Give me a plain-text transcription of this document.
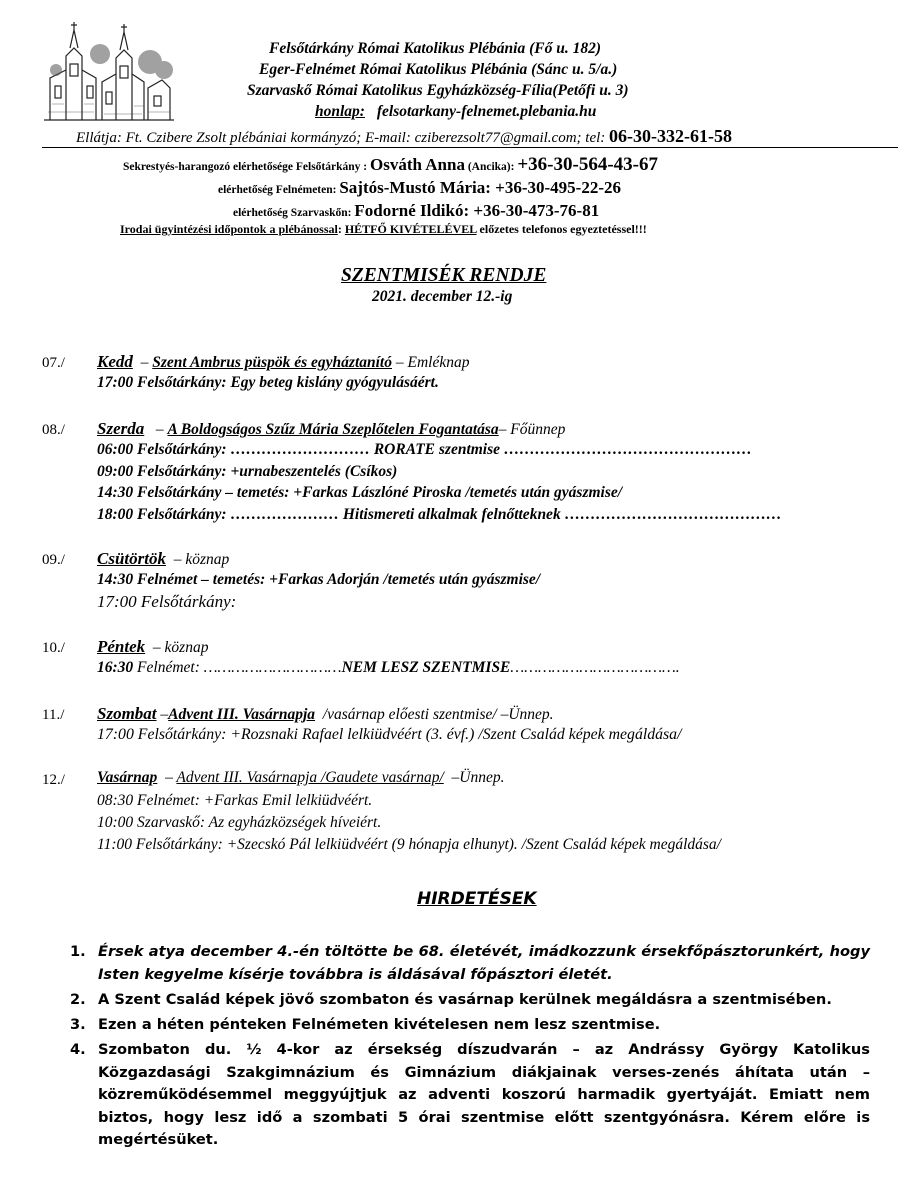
Felsőtárkány Római Katolikus Plébánia (Fő u. 182)
Eger-Felnémet Római Katolikus Plébánia (Sánc u. 5/a.)
Szarvaskő Római Katolikus Egyházközség-Fília(Petőfi u. 3)
honlap: felsotarkany-felnemet.plebania.hu
Ellátja: Ft. Czibere Zsolt plébániai kormányzó; E-mail: cziberezsolt77@gmail.com; tel: 06-30-332-61-58
Sekrestyés-harangozó elérhetősége Felsőtárkány : Osváth Anna (Ancika): +36-30-564-43-67
elérhetőség Felnémeten: Sajtós-Mustó Mária: +36-30-495-22-26
elérhetőség Szarvaskőn: Fodorné Ildikó: +36-30-473-76-81
Irodai ügyintézési időpontok a plébánossal: HÉTFŐ KIVÉTELÉVEL előzetes telefonos egyeztetéssel!!!
SZENTMISÉK RENDJE
2021. december 12.-ig
07./ Kedd  – Szent Ambrus püspök és egyháztanító – Emléknap
17:00 Felsőtárkány: Egy beteg kislány gyógyulásáért.
08./ Szerda   – A Boldogságos Szűz Mária Szeplőtelen Fogantatása– Főünnep
06:00 Felsőtárkány: ……………………… RORATE szentmise …………………………………………
09:00 Felsőtárkány: +urnabeszentelés (Csíkos)
14:30 Felsőtárkány – temetés: +Farkas Lászlóné Piroska /temetés után gyászmise/
18:00 Felsőtárkány: ………………… Hitismereti alkalmak felnőtteknek ……………………………………
09./ Csütörtök  – köznap
14:30 Felnémet – temetés: +Farkas Adorján /temetés után gyászmise/
17:00 Felsőtárkány:
10./ Péntek  – köznap
16:30 Felnémet: …………………………NEM LESZ SZENTMISE……………………………….
11./ Szombat –Advent III. Vasárnapja  /vasárnap előesti szentmise/ –Ünnep.
17:00 Felsőtárkány: +Rozsnaki Rafael lelkiüdvéért (3. évf.) /Szent Család képek megáldása/
12./ Vasárnap  – Advent III. Vasárnapja /Gaudete vasárnap/  –Ünnep.
08:30 Felnémet: +Farkas Emil lelkiüdvéért.
10:00 Szarvaskő: Az egyházközségek híveiért.
11:00 Felsőtárkány: +Szecskó Pál lelkiüdvéért (9 hónapja elhunyt). /Szent Család képek megáldása/
HIRDETÉSEK
1. Érsek atya december 4.-én töltötte be 68. életévét, imádkozzunk érsekfőpásztorunkért, hogy Isten kegyelme kísérje továbbra is áldásával főpásztori életét.
2. A Szent Család képek jövő szombaton és vasárnap kerülnek megáldásra a szentmisében.
3. Ezen a héten pénteken Felnémeten kivételesen nem lesz szentmise.
4. Szombaton du. ½ 4-kor az érsekség díszudvarán – az Andrássy György Katolikus Közgazdasági Szakgimnázium és Gimnázium diákjainak verses-zenés áhítata után – közreműködésemmel meggyújtjuk az adventi koszorú harmadik gyertyáját. Emiatt nem biztos, hogy lesz idő a szombati 5 órai szentmise előtt szentgyónásra. Kérem előre is megértésüket.
